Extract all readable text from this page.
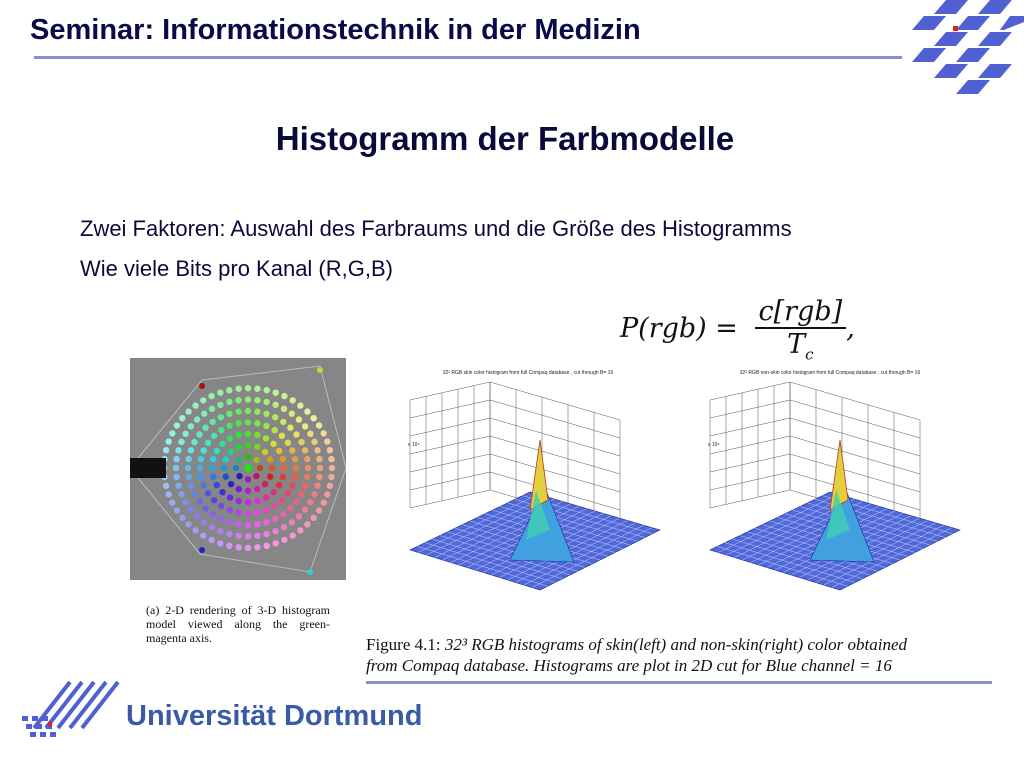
Seminar: Informationstechnik in der Medizin
Histogramm der Farbmodelle
Zwei Faktoren: Auswahl des Farbraums und die Größe des Histogramms
Wie viele Bits pro Kanal (R,G,B)
$P(rgb) = \frac{\text{c[rgb]}}{T_c}$ ,
(a) 2-D rendering of 3-D histogram model viewed along the green-magenta axis.
32³ RGB skin color histogram from full Compaq database , cut through B= 16	32³ RGB non-skin color histogram from full Compaq database , cut through B= 16
x 10⁴	x 10⁴
Figure 4.1: 32³ RGB histograms of skin(left) and non-skin(right) color obtained
from Compaq database. Histograms are plot in 2D cut for Blue channel = 16
Universität Dortmund
